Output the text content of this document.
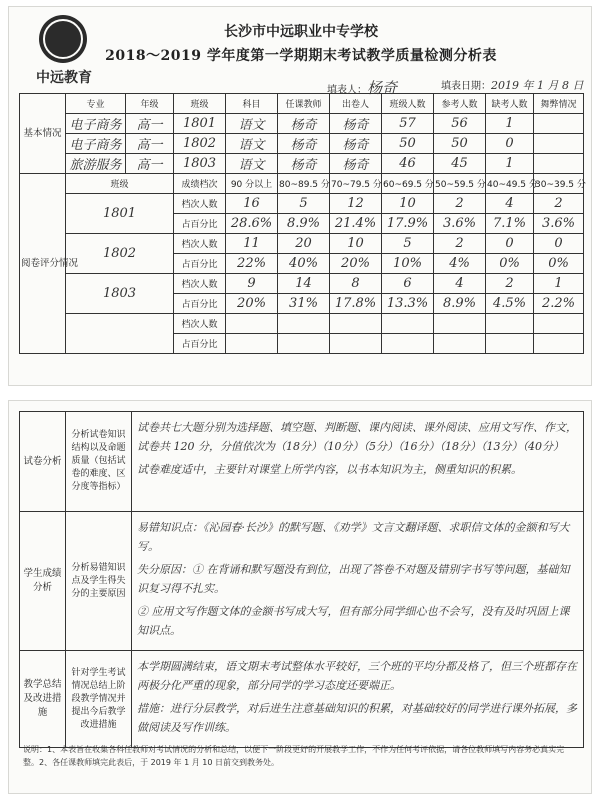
中远教育
长沙市中远职业中专学校
2018～2019 学年度第一学期期末考试教学质量检测分析表
填表人：杨奇	填表日期：2019 年 1 月 8 日
基本情况	专业	年级	班级	科目	任课教师	出卷人	班级人数	参考人数	缺考人数	舞弊情况	
	电子商务	高一	1801	语文	杨奇	杨奇	57	56	1		
	电子商务	高一	1802	语文	杨奇	杨奇	50	50	0		
	旅游服务	高一	1803	语文	杨奇	杨奇	46	45	1		
阅卷评分情况	班级		成绩档次	90 分以上	80~89.5 分	70~79.5 分	60~69.5 分	50~59.5 分	40~49.5 分	30~39.5 分	
	1801		档次人数	16	5	12	10	2	4	2	
			占百分比	28.6%	8.9%	21.4%	17.9%	3.6%	7.1%	3.6%	
	1802		档次人数	11	20	10	5	2	0	0	
			占百分比	22%	40%	20%	10%	4%	0%	0%	
	1803		档次人数	9	14	8	6	4	2	1	
			占百分比	20%	31%	17.8%	13.3%	8.9%	4.5%	2.2%	
			档次人数								
			占百分比								
试卷分析	分析试卷知识结构以及命题质量（包括试卷的难度、区分度等指标）	试卷共七大题分别为选择题、填空题、判断题、课内阅读、课外阅读、应用文写作、作文，试卷共 120 分，分值依次为（18分）（10分）（5分）（16分）（18分）（13分）（40分）
试卷难度适中，主要针对课堂上所学内容，以书本知识为主，侧重知识的积累。

学生成绩分析	分析易错知识点及学生得失分的主要原因	易错知识点：《沁园春·长沙》的默写题、《劝学》文言文翻译题、求职信文体的金额和写大写。
失分原因：① 在背诵和默写题没有到位，出现了答卷不对题及错别字书写等问题，基础知识复习得不扎实。
② 应用文写作题文体的金额书写成大写，但有部分同学细心也不会写，没有及时巩固上课知识点。

教学总结及改进措施	针对学生考试情况总结上阶段教学情况并提出今后教学改进措施	本学期圆满结束，语文期末考试整体水平较好，三个班的平均分都及格了，但三个班都存在两极分化严重的现象，部分同学的学习态度还要端正。
措施：进行分层教学，对后进生注意基础知识的积累，对基础较好的同学进行课外拓展，多做阅读及写作训练。
说明：1、本表旨在收集各科任教师对考试情况的分析和总结，以便下一阶段更好的开展教学工作，不作为任何考评依据，请各位教师填写内容务必真实完整。2、各任课教师填完此表后，于 2019 年 1 月 10 日前交到教务处。
